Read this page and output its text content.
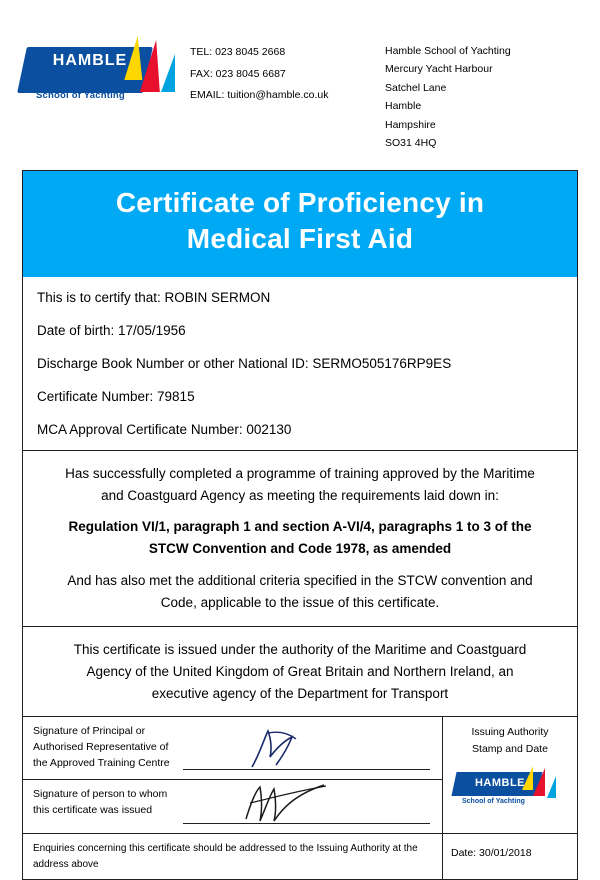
HAMBLE
School of Yachting
TEL: 023 8045 2668
FAX: 023 8045 6687
EMAIL: tuition@hamble.co.uk
Hamble School of Yachting
Mercury Yacht Harbour
Satchel Lane
Hamble
Hampshire
SO31 4HQ
Certificate of Proficiency in
Medical First Aid
This is to certify that: ROBIN SERMON
Date of birth: 17/05/1956
Discharge Book Number or other National ID: SERMO505176RP9ES
Certificate Number: 79815
MCA Approval Certificate Number: 002130

Has successfully completed a programme of training approved by the Maritime

and Coastguard Agency as meeting the requirements laid down in:

Regulation VI/1, paragraph 1 and section A-VI/4, paragraphs 1 to 3 of the

STCW Convention and Code 1978, as amended

And has also met the additional criteria specified in the STCW convention and

Code, applicable to the issue of this certificate.

This certificate is issued under the authority of the Maritime and Coastguard

Agency of the United Kingdom of Great Britain and Northern Ireland, an

executive agency of the Department for Transport

Signature of Principal or
Authorised Representative of
the Approved Training Centre
Signature of person to whom
this certificate was issued
Issuing Authority
Stamp and Date
HAMBLE
School of Yachting
Enquiries concerning this certificate should be addressed to the Issuing Authority at the
address above
Date: 30/01/2018
